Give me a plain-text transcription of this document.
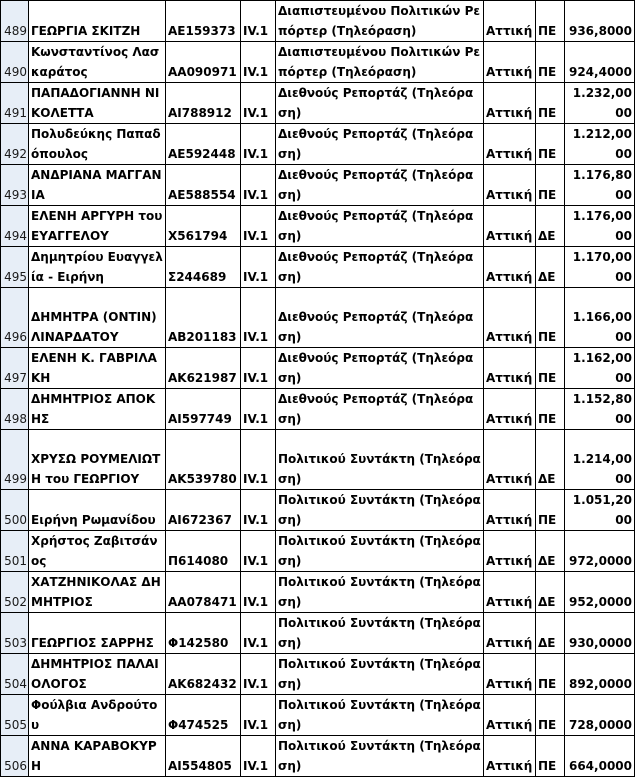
489	ΓΕΩΡΓΙΑ ΣΚΙΤΖΗ	ΑΕ159373	IV.1	Διαπιστευμένου Πολιτικών Ρεπόρτερ (Τηλεόραση)	Αττική	ΠΕ	936,8000
490	Κωνσταντίνος Λασκαράτος	ΑΑ090971	IV.1	Διαπιστευμένου Πολιτικών Ρεπόρτερ (Τηλεόραση)	Αττική	ΠΕ	924,4000
491	ΠΑΠΑΔΟΓΙΑΝΝΗ ΝΙΚΟΛΕΤΤΑ	ΑΙ788912	IV.1	Διεθνούς Ρεπορτάζ (Τηλεόραση)	Αττική	ΠΕ	1.232,0000
492	Πολυδεύκης Παπαδόπουλος	ΑΕ592448	IV.1	Διεθνούς Ρεπορτάζ (Τηλεόραση)	Αττική	ΠΕ	1.212,0000
493	ΑΝΔΡΙΑΝΑ ΜΑΓΓΑΝΙΑ	ΑΕ588554	IV.1	Διεθνούς Ρεπορτάζ (Τηλεόραση)	Αττική	ΠΕ	1.176,8000
494	ΕΛΕΝΗ ΑΡΓΥΡΗ του ΕΥΑΓΓΕΛΟΥ	Χ561794	IV.1	Διεθνούς Ρεπορτάζ (Τηλεόραση)	Αττική	ΔΕ	1.176,0000
495	Δημητρίου Ευαγγελία - Ειρήνη	Σ244689	IV.1	Διεθνούς Ρεπορτάζ (Τηλεόραση)	Αττική	ΔΕ	1.170,0000
496	ΔΗΜΗΤΡΑ (ΟΝΤΙΝ)ΛΙΝΑΡΔΑΤΟΥ	ΑΒ201183	IV.1	Διεθνούς Ρεπορτάζ (Τηλεόραση)	Αττική	ΠΕ	1.166,0000
497	ΕΛΕΝΗ Κ. ΓΑΒΡΙΛΑΚΗ	ΑΚ621987	IV.1	Διεθνούς Ρεπορτάζ (Τηλεόραση)	Αττική	ΠΕ	1.162,0000
498	ΔΗΜΗΤΡΙΟΣ ΑΠΟΚΗΣ	ΑΙ597749	IV.1	Διεθνούς Ρεπορτάζ (Τηλεόραση)	Αττική	ΠΕ	1.152,8000
499	ΧΡΥΣΩ ΡΟΥΜΕΛΙΩΤΗ του ΓΕΩΡΓΙΟΥ	ΑΚ539780	IV.1	Πολιτικού Συντάκτη (Τηλεόραση)	Αττική	ΔΕ	1.214,0000
500	Ειρήνη Ρωμανίδου	ΑΙ672367	IV.1	Πολιτικού Συντάκτη (Τηλεόραση)	Αττική	ΠΕ	1.051,2000
501	Χρήστος Ζαβιτσάνος	Π614080	IV.1	Πολιτικού Συντάκτη (Τηλεόραση)	Αττική	ΔΕ	972,0000
502	ΧΑΤΖΗΝΙΚΟΛΑΣ ΔΗΜΗΤΡΙΟΣ	ΑΑ078471	IV.1	Πολιτικού Συντάκτη (Τηλεόραση)	Αττική	ΔΕ	952,0000
503	ΓΕΩΡΓΙΟΣ ΣΑΡΡΗΣ	Φ142580	IV.1	Πολιτικού Συντάκτη (Τηλεόραση)	Αττική	ΔΕ	930,0000
504	ΔΗΜΗΤΡΙΟΣ ΠΑΛΑΙΟΛΟΓΟΣ	ΑΚ682432	IV.1	Πολιτικού Συντάκτη (Τηλεόραση)	Αττική	ΠΕ	892,0000
505	Φούλβια Ανδρούτου	Φ474525	IV.1	Πολιτικού Συντάκτη (Τηλεόραση)	Αττική	ΠΕ	728,0000
506	ΑΝΝΑ ΚΑΡΑΒΟΚΥΡΗ	ΑΙ554805	IV.1	Πολιτικού Συντάκτη (Τηλεόραση)	Αττική	ΠΕ	664,0000
